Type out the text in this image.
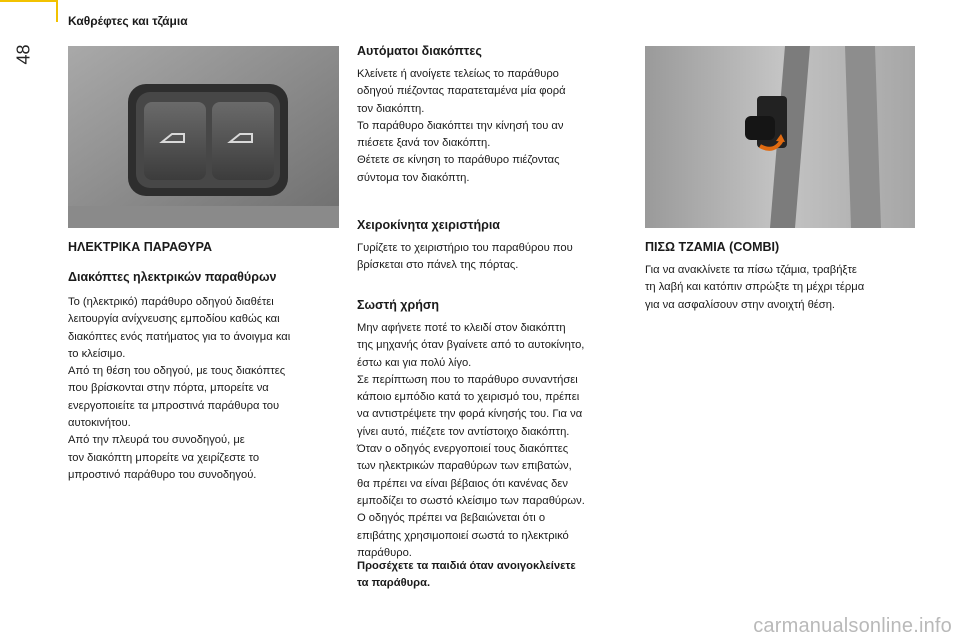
Καθρέφτες και τζάμια
48
ΗΛΕΚΤΡΙΚΑ ΠΑΡΑΘΥΡΑ
Διακόπτες ηλεκτρικών παραθύρων

Το (ηλεκτρικό) παράθυρο οδηγού διαθέτει
λειτουργία ανίχνευσης εμποδίου καθώς και
διακόπτες ενός πατήματος για το άνοιγμα και
το κλείσιμο.
Από τη θέση του οδηγού, με τους διακόπτες
που βρίσκονται στην πόρτα, μπορείτε να
ενεργοποιείτε τα μπροστινά παράθυρα του
αυτοκινήτου.
Από την πλευρά του συνοδηγού, με
τον διακόπτη μπορείτε να χειρίζεστε το
μπροστινό παράθυρο του συνοδηγού.

Αυτόματοι διακόπτες

Κλείνετε ή ανοίγετε τελείως το παράθυρο
οδηγού πιέζοντας παρατεταμένα μία φορά
τον διακόπτη.
Το παράθυρο διακόπτει την κίνησή του αν
πιέσετε ξανά τον διακόπτη.
Θέτετε σε κίνηση το παράθυρο πιέζοντας
σύντομα τον διακόπτη.

Χειροκίνητα χειριστήρια

Γυρίζετε το χειριστήριο του παραθύρου που
βρίσκεται στο πάνελ της πόρτας.

Σωστή χρήση

Μην αφήνετε ποτέ το κλειδί στον διακόπτη
της μηχανής όταν βγαίνετε από το αυτοκίνητο,
έστω και για πολύ λίγο.
Σε περίπτωση που το παράθυρο συναντήσει
κάποιο εμπόδιο κατά το χειρισμό του, πρέπει
να αντιστρέψετε την φορά κίνησής του. Για να
γίνει αυτό, πιέζετε τον αντίστοιχο διακόπτη.
Όταν ο οδηγός ενεργοποιεί τους διακόπτες
των ηλεκτρικών παραθύρων των επιβατών,
θα πρέπει να είναι βέβαιος ότι κανένας δεν
εμποδίζει το σωστό κλείσιμο των παραθύρων.
Ο οδηγός πρέπει να βεβαιώνεται ότι ο
επιβάτης χρησιμοποιεί σωστά το ηλεκτρικό
παράθυρο.

Προσέχετε τα παιδιά όταν ανοιγοκλείνετε
τα παράθυρα.

ΠΙΣΩ ΤΖΑΜΙΑ (COMBI)

Για να ανακλίνετε τα πίσω τζάμια, τραβήξτε
τη λαβή και κατόπιν σπρώξτε τη μέχρι τέρμα
για να ασφαλίσουν στην ανοιχτή θέση.

carmanualsonline.info
